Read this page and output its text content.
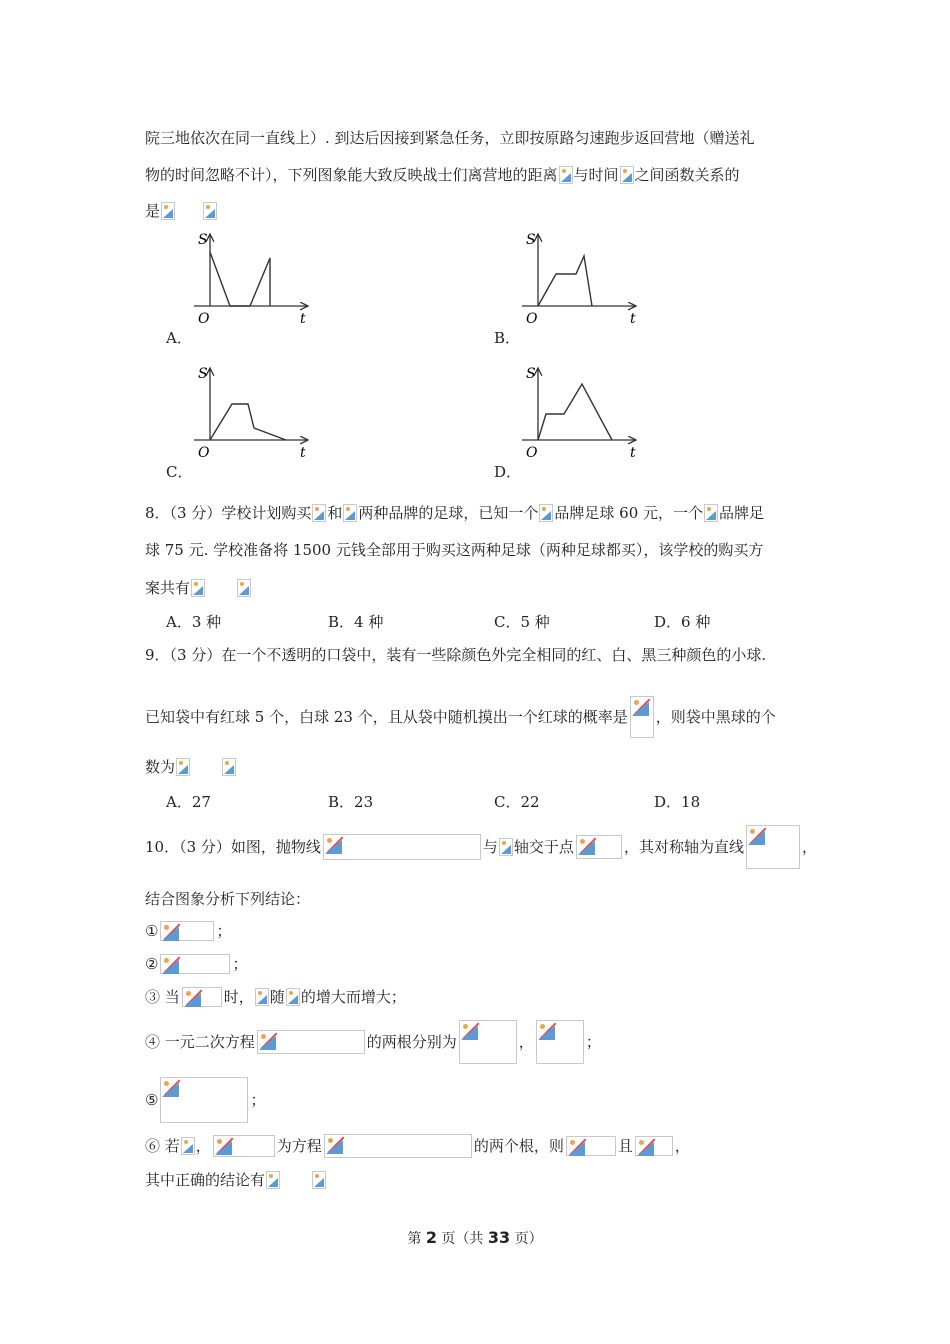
院三地依次在同一直线上）. 到达后因接到紧急任务，立即按原路匀速跑步返回营地（赠送礼
物的时间忽略不计），下列图象能大致反映战士们离营地的距离 与时间 之间函数关系的
是
S
O	t
A．
S
O	t
B．
S
O	t
C．
S
O	t
D．
8．（3 分）学校计划购买 和 两种品牌的足球，已知一个 品牌足球 60 元，一个 品牌足
球 75 元. 学校准备将 1500 元钱全部用于购买这两种足球（两种足球都买），该学校的购买方
案共有
A．3 种	B．4 种	C．5 种	D．6 种
9．（3 分）在一个不透明的口袋中，装有一些除颜色外完全相同的红、白、黑三种颜色的小球.
已知袋中有红球 5 个，白球 23 个，且从袋中随机摸出一个红球的概率是 ，则袋中黑球的个
数为
A．27	B．23	C．22	D．18
10．（3 分）如图，抛物线	与 轴交于点	，其对称轴为直线	，
结合图象分析下列结论：
①	；
②	；
③ 当	时， 随 的增大而增大；
④ 一元二次方程	的两根分别为	，	；
⑤	；
⑥ 若 ，	为方程	的两个根，则	且	，
其中正确的结论有
第 2 页（共 33 页）
